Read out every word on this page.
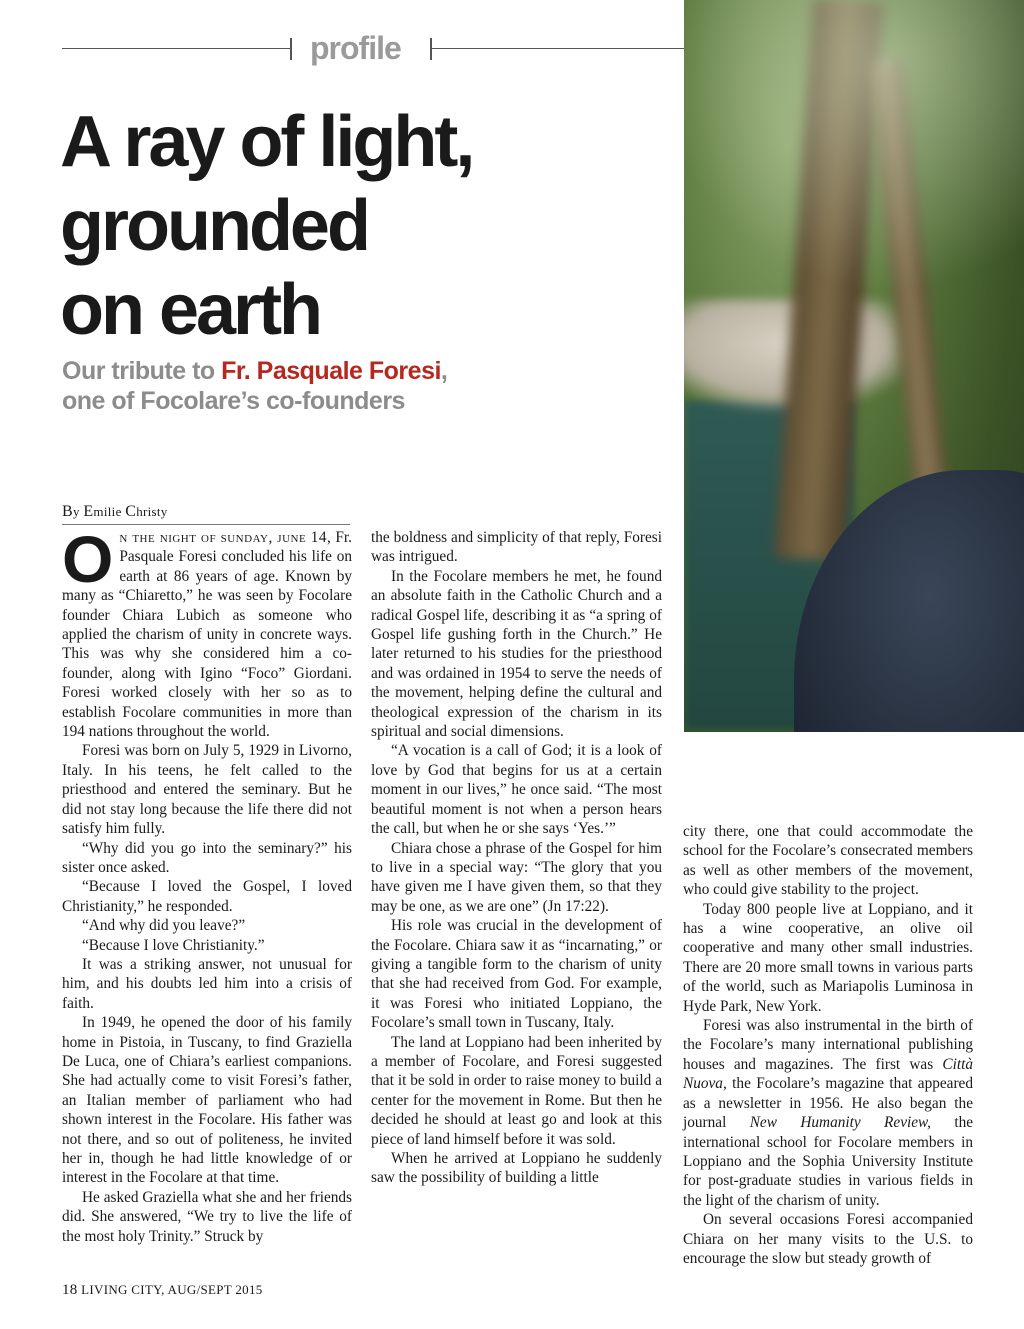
profile
A ray of light,
grounded
on earth
Our tribute to Fr. Pasquale Foresi,
one of Focolare’s co-founders
By Emilie Christy

On the night of sunday, june 14, Fr. Pasquale Foresi concluded his life on earth at 86 years of age. Known by many as “Chiaretto,” he was seen by Focolare founder Chiara Lubich as someone who applied the charism of unity in concrete ways. This was why she considered him a co-founder, along with Igino “Foco” Giordani. Foresi worked closely with her so as to establish Focolare communities in more than 194 nations throughout the world.

Foresi was born on July 5, 1929 in Livorno, Italy. In his teens, he felt called to the priesthood and entered the seminary. But he did not stay long because the life there did not satisfy him fully.

“Why did you go into the seminary?” his sister once asked.

“Because I loved the Gospel, I loved Christianity,” he responded.

“And why did you leave?”

“Because I love Christianity.”

It was a striking answer, not unusual for him, and his doubts led him into a crisis of faith.

In 1949, he opened the door of his family home in Pistoia, in Tuscany, to find Graziella De Luca, one of Chiara’s earliest companions. She had actually come to visit Foresi’s father, an Italian member of parliament who had shown interest in the Focolare. His father was not there, and so out of politeness, he invited her in, though he had little knowledge of or interest in the Focolare at that time.

He asked Graziella what she and her friends did. She answered, “We try to live the life of the most holy Trinity.” Struck by

the boldness and simplicity of that reply, Foresi was intrigued.

In the Focolare members he met, he found an absolute faith in the Catholic Church and a radical Gospel life, describing it as “a spring of Gospel life gushing forth in the Church.” He later returned to his studies for the priesthood and was ordained in 1954 to serve the needs of the movement, helping define the cultural and theological expression of the charism in its spiritual and social dimensions.

“A vocation is a call of God; it is a look of love by God that begins for us at a certain moment in our lives,” he once said. “The most beautiful moment is not when a person hears the call, but when he or she says ‘Yes.’”

Chiara chose a phrase of the Gospel for him to live in a special way: “The glory that you have given me I have given them, so that they may be one, as we are one” (Jn 17:22).

His role was crucial in the development of the Focolare. Chiara saw it as “incarnating,” or giving a tangible form to the charism of unity that she had received from God. For example, it was Foresi who initiated Loppiano, the Focolare’s small town in Tuscany, Italy.

The land at Loppiano had been inherited by a member of Focolare, and Foresi suggested that it be sold in order to raise money to build a center for the movement in Rome. But then he decided he should at least go and look at this piece of land himself before it was sold.

When he arrived at Loppiano he suddenly saw the possibility of building a little

city there, one that could accommodate the school for the Focolare’s consecrated members as well as other members of the movement, who could give stability to the project.

Today 800 people live at Loppiano, and it has a wine cooperative, an olive oil cooperative and many other small industries. There are 20 more small towns in various parts of the world, such as Mariapolis Luminosa in Hyde Park, New York.

Foresi was also instrumental in the birth of the Focolare’s many international publishing houses and magazines. The first was Città Nuova, the Focolare’s magazine that appeared as a newsletter in 1956. He also began the journal New Humanity Review, the international school for Focolare members in Loppiano and the Sophia University Institute for post-graduate studies in various fields in the light of the charism of unity.

On several occasions Foresi accompanied Chiara on her many visits to the U.S. to encourage the slow but steady growth of

18 LIVING CITY, AUG/SEPT 2015
